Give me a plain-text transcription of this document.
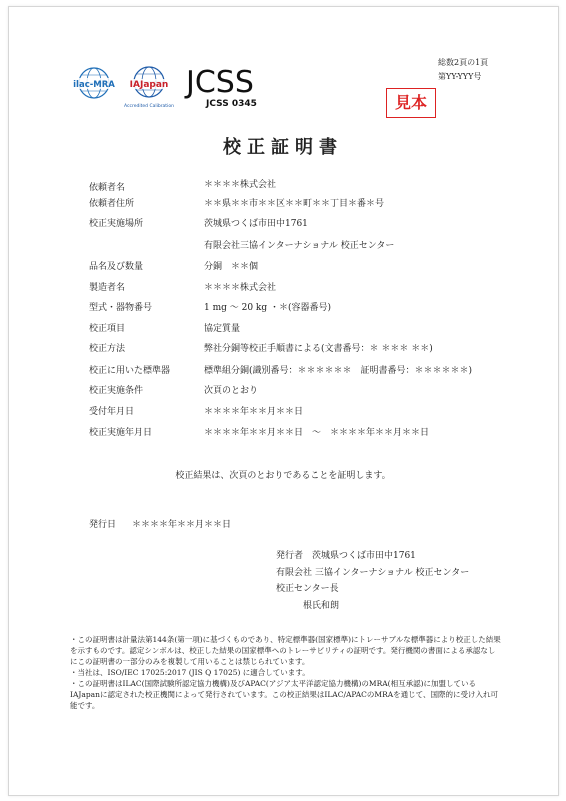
総数2頁の1頁
第YY-YYY号
見本
ilac-MRA IAJapan
Accredited Calibration
JCSS
JCSS 0345
校正証明書
依頼者名	＊＊＊＊株式会社
依頼者住所	＊＊県＊＊市＊＊区＊＊町＊＊丁目＊番＊号
校正実施場所	茨城県つくば市田中1761
有限会社三協インターナショナル 校正センター
品名及び数量	分銅　＊＊個
製造者名	＊＊＊＊株式会社
型式・器物番号	1 mg ～ 20 kg ・＊(容器番号)
校正項目	協定質量
校正方法	弊社分銅等校正手順書による(文書番号：＊ ＊＊＊ ＊＊)
校正に用いた標準器	標準組分銅(識別番号：＊＊＊＊＊＊　証明書番号：＊＊＊＊＊＊)
校正実施条件	次頁のとおり
受付年月日	＊＊＊＊年＊＊月＊＊日
校正実施年月日	＊＊＊＊年＊＊月＊＊日　～　＊＊＊＊年＊＊月＊＊日
校正結果は、次頁のとおりであることを証明します。
発行日 ＊＊＊＊年＊＊月＊＊日
発行者　茨城県つくば市田中1761
有限会社 三協インターナショナル 校正センター
校正センター長
　　　根氏和朗

・この証明書は計量法第144条(第一項)に基づくものであり、特定標準器(国家標準)にトレーサブルな標準器により校正した結果を示すものです。認定シンボルは、校正した結果の国家標準へのトレーサビリティの証明です。発行機関の書面による承認なしにこの証明書の一部分のみを複製して用いることは禁じられています。

・当社は、ISO/IEC 17025:2017 (JIS Q 17025) に適合しています。

・この証明書はILAC(国際試験所認定協力機構)及びAPAC(アジア太平洋認定協力機構)のMRA(相互承認)に加盟しているIAJapanに認定された校正機関によって発行されています。この校正結果はILAC/APACのMRAを通じて、国際的に受け入れ可能です。
